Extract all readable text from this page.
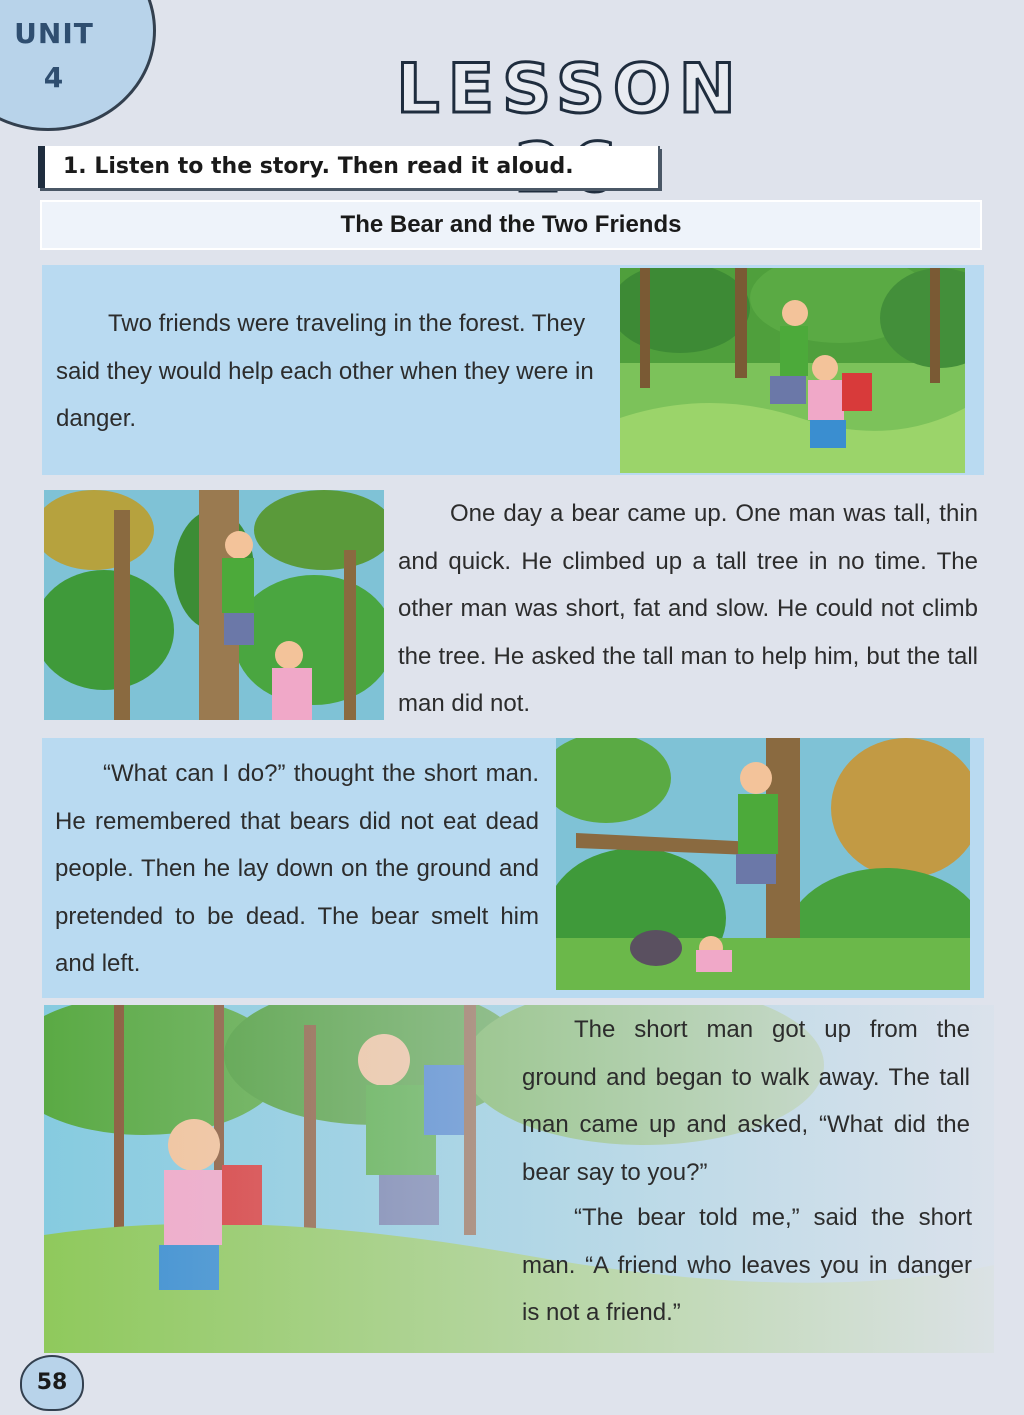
UNIT
4	LESSON
1. Listen to the story. Then read it aloud.
The Bear and the Two Friends
Two friends were traveling in the forest. They said they would help each other when they were in danger.
One day a bear came up. One man was tall, thin and quick. He climbed up a tall tree in no time. The other man was short, fat and slow. He could not climb the tree. He asked the tall man to help him, but the tall man did not.
“What can I do?” thought the short man. He remembered that bears did not eat dead people. Then he lay down on the ground and pretended to be dead. The bear smelt him and left.
The short man got up from the ground and began to walk away. The tall man came up and asked, “What did the bear say to you?”
“The bear told me,” said the short man. “A friend who leaves you in danger is not a friend.”
58
